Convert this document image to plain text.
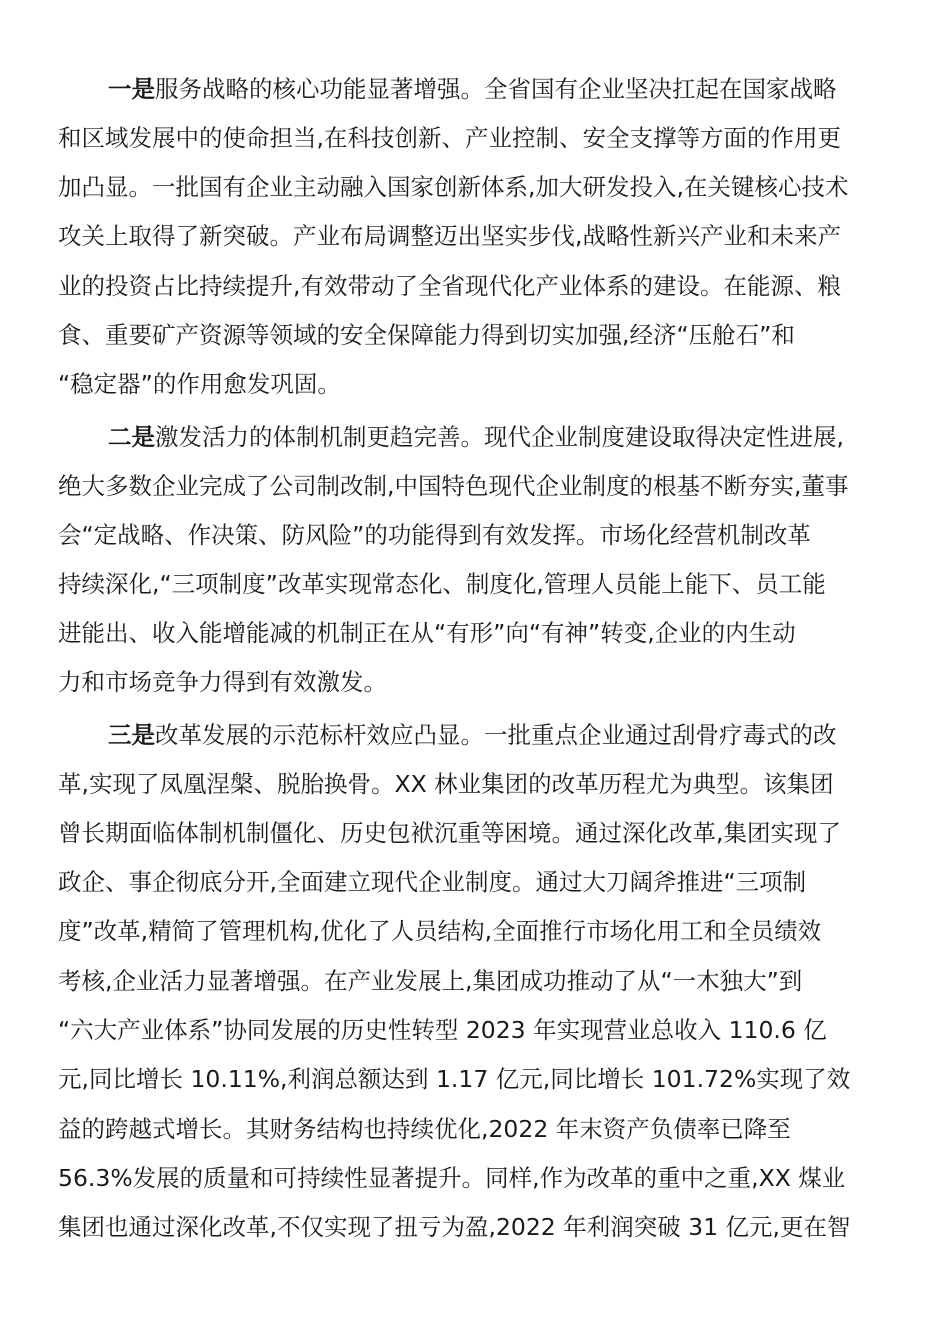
一是服务战略的核心功能显著增强。全省国有企业坚决扛起在国家战略
和区域发展中的使命担当,在科技创新、产业控制、安全支撑等方面的作用更
加凸显。一批国有企业主动融入国家创新体系,加大研发投入,在关键核心技术
攻关上取得了新突破。产业布局调整迈出坚实步伐,战略性新兴产业和未来产
业的投资占比持续提升,有效带动了全省现代化产业体系的建设。在能源、粮
食、重要矿产资源等领域的安全保障能力得到切实加强,经济“压舱石”和
“稳定器”的作用愈发巩固。
二是激发活力的体制机制更趋完善。现代企业制度建设取得决定性进展,
绝大多数企业完成了公司制改制,中国特色现代企业制度的根基不断夯实,董事
会“定战略、作决策、防风险”的功能得到有效发挥。市场化经营机制改革
持续深化,“三项制度”改革实现常态化、制度化,管理人员能上能下、员工能
进能出、收入能增能减的机制正在从“有形”向“有神”转变,企业的内生动
力和市场竞争力得到有效激发。
三是改革发展的示范标杆效应凸显。一批重点企业通过刮骨疗毒式的改
革,实现了凤凰涅槃、脱胎换骨。XX 林业集团的改革历程尤为典型。该集团
曾长期面临体制机制僵化、历史包袱沉重等困境。通过深化改革,集团实现了
政企、事企彻底分开,全面建立现代企业制度。通过大刀阔斧推进“三项制
度”改革,精简了管理机构,优化了人员结构,全面推行市场化用工和全员绩效
考核,企业活力显著增强。在产业发展上,集团成功推动了从“一木独大”到
“六大产业体系”协同发展的历史性转型 2023 年实现营业总收入 110.6 亿
元,同比增长 10.11%,利润总额达到 1.17 亿元,同比增长 101.72%实现了效
益的跨越式增长。其财务结构也持续优化,2022 年末资产负债率已降至
56.3%发展的质量和可持续性显著提升。同样,作为改革的重中之重,XX 煤业
集团也通过深化改革,不仅实现了扭亏为盈,2022 年利润突破 31 亿元,更在智
